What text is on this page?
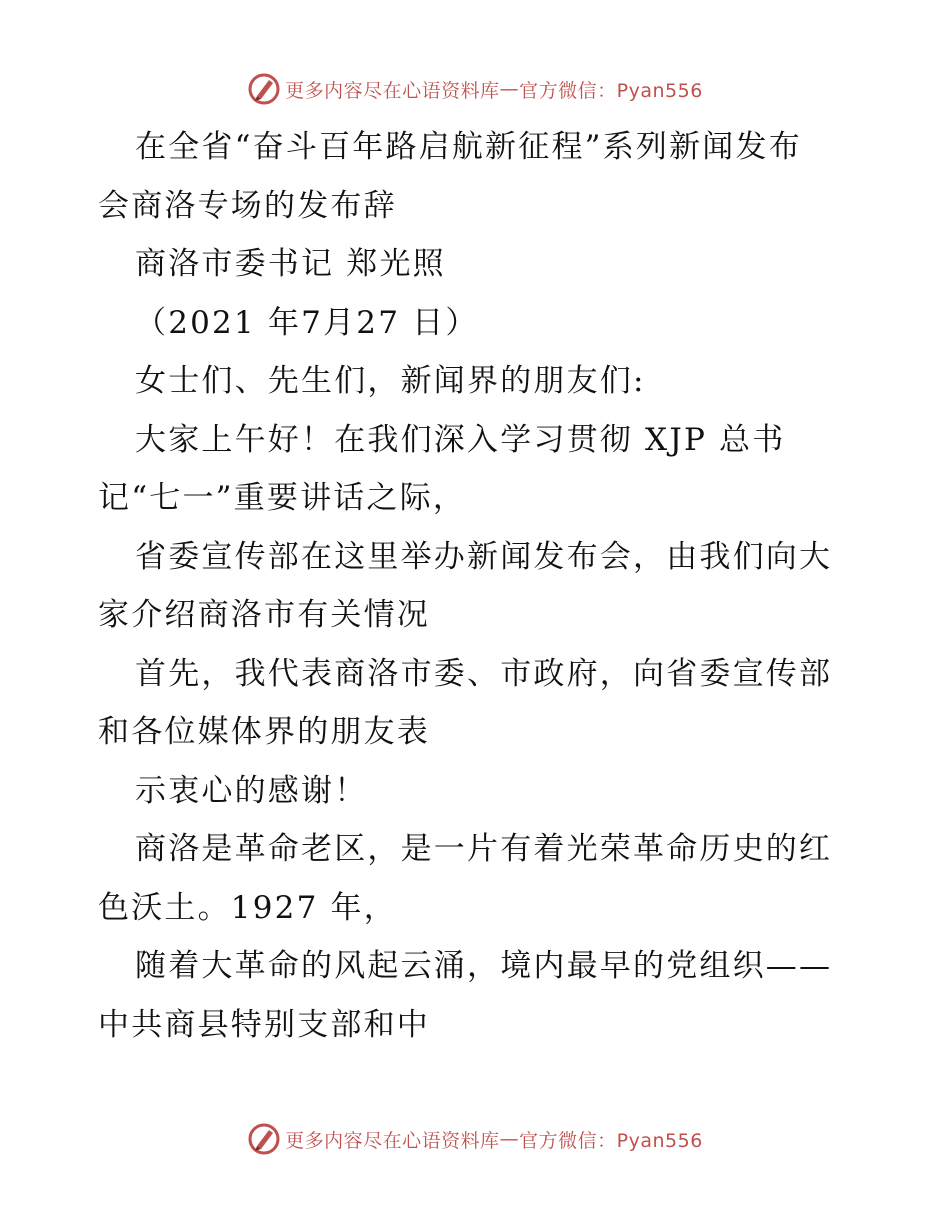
更多内容尽在心语资料库 — 官方微信：Pyan556
在全省“奋斗百年路启航新征程”系列新闻发布
会商洛专场的发布辞
商洛市委书记 郑光照
（2021 年7月27 日）
女士们、先生们，新闻界的朋友们:
大家上午好！在我们深入学习贯彻 XJP 总书
记“七一”重要讲话之际，
省委宣传部在这里举办新闻发布会，由我们向大
家介绍商洛市有关情况
首先，我代表商洛市委、市政府，向省委宣传部
和各位媒体界的朋友表
示衷心的感谢！
商洛是革命老区，是一片有着光荣革命历史的红
色沃土。1927 年，
随着大革命的风起云涌，境内最早的党组织——
中共商县特别支部和中
更多内容尽在心语资料库 — 官方微信：Pyan556
